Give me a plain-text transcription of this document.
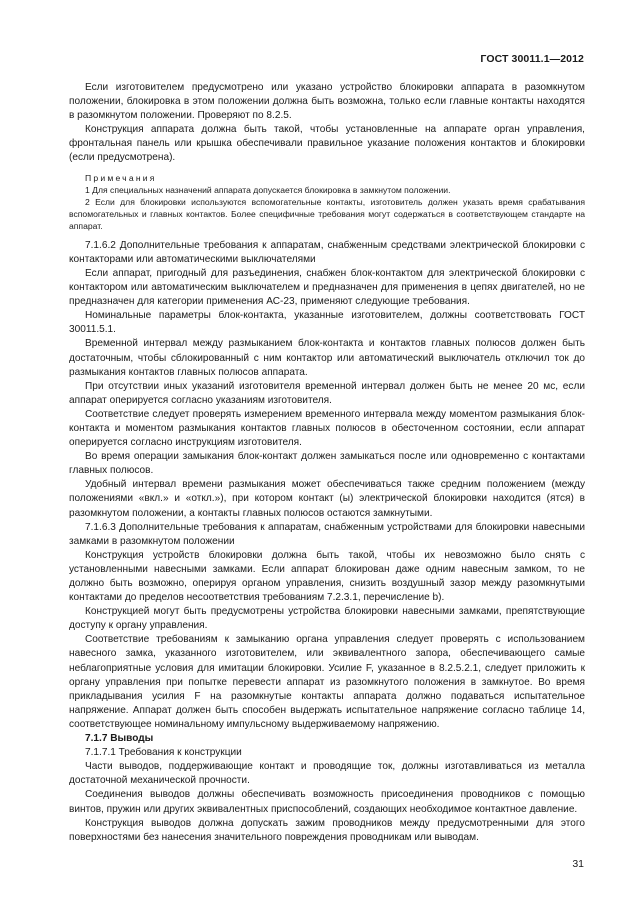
ГОСТ 30011.1—2012

Если изготовителем предусмотрено или указано устройство блокировки аппарата в разомкнутом положении, блокировка в этом положении должна быть возможна, только если главные контакты находятся в разомкнутом положении. Проверяют по 8.2.5.

Конструкция аппарата должна быть такой, чтобы установленные на аппарате орган управления, фронтальная панель или крышка обеспечивали правильное указание положения контактов и блокировки (если предусмотрена).

Примечания

1 Для специальных назначений аппарата допускается блокировка в замкнутом положении.

2 Если для блокировки используются вспомогательные контакты, изготовитель должен указать время срабатывания вспомогательных и главных контактов. Более специфичные требования могут содержаться в соответствующем стандарте на аппарат.

7.1.6.2 Дополнительные требования к аппаратам, снабженным средствами электрической блокировки с контакторами или автоматическими выключателями

Если аппарат, пригодный для разъединения, снабжен блок-контактом для электрической блокировки с контактором или автоматическим выключателем и предназначен для применения в цепях двигателей, но не предназначен для категории применения АС-23, применяют следующие требования.

Номинальные параметры блок-контакта, указанные изготовителем, должны соответствовать ГОСТ 30011.5.1.

Временной интервал между размыканием блок-контакта и контактов главных полюсов должен быть достаточным, чтобы сблокированный с ним контактор или автоматический выключатель отключил ток до размыкания контактов главных полюсов аппарата.

При отсутствии иных указаний изготовителя временной интервал должен быть не менее 20 мс, если аппарат оперируется согласно указаниям изготовителя.

Соответствие следует проверять измерением временного интервала между моментом размыкания блок-контакта и моментом размыкания контактов главных полюсов в обесточенном состоянии, если аппарат оперируется согласно инструкциям изготовителя.

Во время операции замыкания блок-контакт должен замыкаться после или одновременно с контактами главных полюсов.

Удобный интервал времени размыкания может обеспечиваться также средним положением (между положениями «вкл.» и «откл.»), при котором контакт (ы) электрической блокировки находится (ятся) в разомкнутом положении, а контакты главных полюсов остаются замкнутыми.

7.1.6.3 Дополнительные требования к аппаратам, снабженным устройствами для блокировки навесными замками в разомкнутом положении

Конструкция устройств блокировки должна быть такой, чтобы их невозможно было снять с установленными навесными замками. Если аппарат блокирован даже одним навесным замком, то не должно быть возможно, оперируя органом управления, снизить воздушный зазор между разомкнутыми контактами до пределов несоответствия требованиям 7.2.3.1, перечисление b).

Конструкцией могут быть предусмотрены устройства блокировки навесными замками, препятствующие доступу к органу управления.

Соответствие требованиям к замыканию органа управления следует проверять с использованием навесного замка, указанного изготовителем, или эквивалентного запора, обеспечивающего самые неблагоприятные условия для имитации блокировки. Усилие F, указанное в 8.2.5.2.1, следует приложить к органу управления при попытке перевести аппарат из разомкнутого положения в замкнутое. Во время прикладывания усилия F на разомкнутые контакты аппарата должно подаваться испытательное напряжение. Аппарат должен быть способен выдержать испытательное напряжение согласно таблице 14, соответствующее номинальному импульсному выдерживаемому напряжению.

7.1.7 Выводы

7.1.7.1 Требования к конструкции

Части выводов, поддерживающие контакт и проводящие ток, должны изготавливаться из металла достаточной механической прочности.

Соединения выводов должны обеспечивать возможность присоединения проводников с помощью винтов, пружин или других эквивалентных приспособлений, создающих необходимое контактное давление.

Конструкция выводов должна допускать зажим проводников между предусмотренными для этого поверхностями без нанесения значительного повреждения проводникам или выводам.

31
